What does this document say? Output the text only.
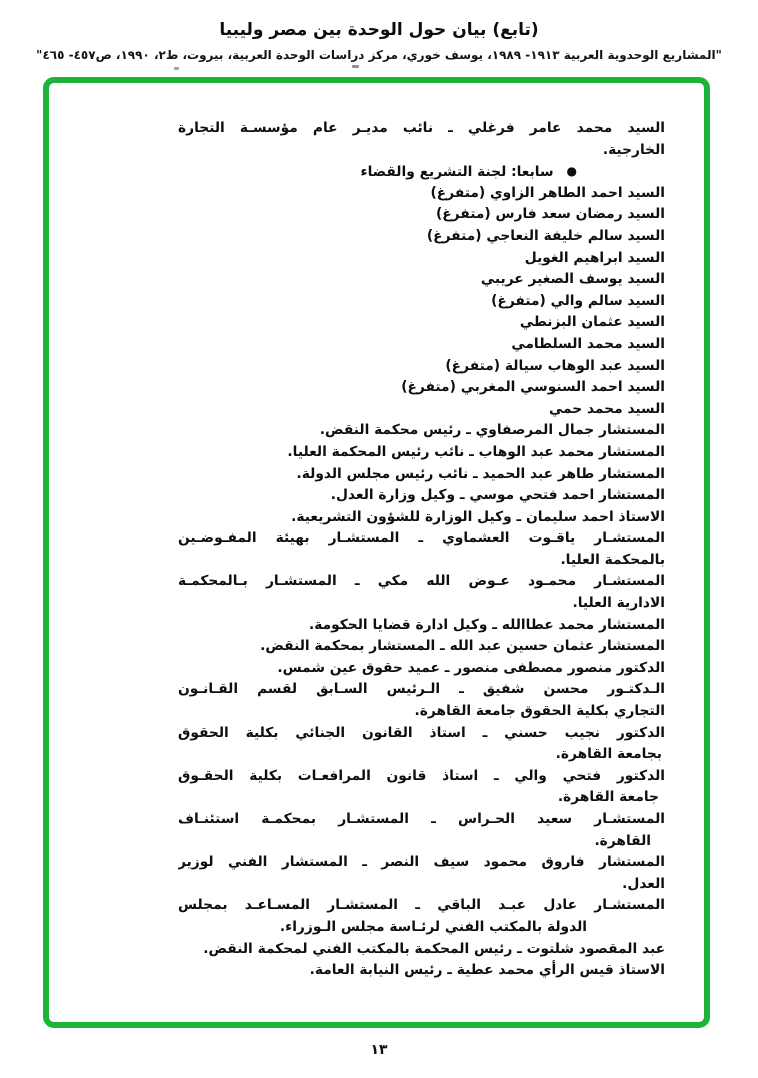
(تابع) بيان حول الوحدة بين مصر وليبيا
"المشاريع الوحدوية العربية ١٩١٣- ١٩٨٩، يوسف خوري، مركز دراسات الوحدة العربية، بيروت، ط٢، ١٩٩٠، ص٤٥٧- ٤٦٥"
السيد محمد عامر فرغلي ـ نائب مديـر عام مؤسسـة التجارة
الخارجية.
●سابعا: لجنة التشريع والقضاء
السيد احمد الطاهر الزاوي (متفرغ)
السيد رمضان سعد فارس (متفرغ)
السيد سالم خليفة النعاجي (متفرغ)
السيد ابراهيم الغويل
السيد يوسف الصغير عريبي
السيد سالم والي (متفرغ)
السيد عثمان البزنطي
السيد محمد السلطامي
السيد عبد الوهاب سيالة (متفرغ)
السيد احمد السنوسي المغربي (متفرغ)
السيد محمد حمي
المستشار جمال المرصفاوي ـ رئيس محكمة النقض.
المستشار محمد عبد الوهاب ـ نائب رئيس المحكمة العليا.
المستشار طاهر عبد الحميد ـ نائب رئيس مجلس الدولة.
المستشار احمد فتحي موسي ـ وكيل وزارة العدل.
الاستاذ احمد سليمان ـ وكيل الوزارة للشؤون التشريعية.
المستشـار ياقـوت العشماوي ـ المستشـار بهيئة المفـوضـين
بالمحكمة العليا.
المستشـار محمـود عـوض الله مكي ـ المستشـار بـالمحكمـة
الادارية العليا.
المستشار محمد عطاالله ـ وكيل ادارة قضايا الحكومة.
المستشار عثمان حسين عبد الله ـ المستشار بمحكمة النقض.
الدكتور منصور مصطفى منصور ـ عميد حقوق عين شمس.
الـدكتـور محسن شفيق ـ الـرئيس السـابق لقسم القـانـون
التجاري بكلية الحقوق جامعة القاهرة.
الدكتور نجيب حسني ـ استاذ القانون الجنائي بكلية الحقوق
بجامعة القاهرة.
الدكتور فتحي والي ـ استاذ قانون المرافعـات بكلية الحقـوق
جامعة القاهرة.
المستشـار سعيد الحـراس ـ المستشـار بمحكمـة استئنـاف
القاهرة.
المستشار فاروق محمود سيف النصر ـ المستشار الفني لوزير
العدل.
المستشـار عادل عبـد الباقي ـ المستشـار المسـاعـد بمجلس
الدولة بالمكتب الفني لرئـاسة مجلس الـوزراء.
عبد المقصود شلتوت ـ رئيس المحكمة بالمكتب الفني لمحكمة النقض.
الاستاذ قيس الرأي محمد عطية ـ رئيس النيابة العامة.
١٣
